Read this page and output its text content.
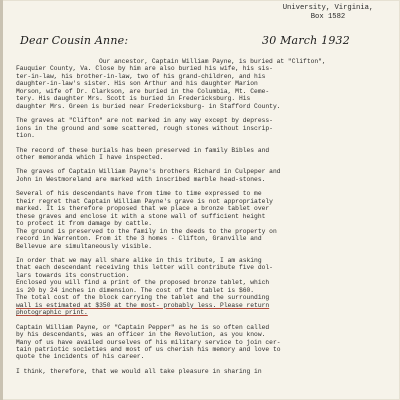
University, Virginia,
Box 1582
Dear Cousin Anne:	30 March 1932
Our ancestor, Captain William Payne, is buried at "Clifton",
Fauquier County, Va. Close by him are also buried his wife, his sis-
ter-in-law, his brother-in-law, two of his grand-children, and his
daughter-in-law's sister. His son Arthur and his daughter Marion
Morson, wife of Dr. Clarkson, are buried in the Columbia, Mt. Ceme-
tery. His daughter Mrs. Scott is buried in Fredericksburg. His
daughter Mrs. Green is buried near Fredericksburg- in Stafford County.
The graves at "Clifton" are not marked in any way except by depress-
ions in the ground and some scattered, rough stones without inscrip-
tion.
The record of these burials has been preserved in family Bibles and
other memoranda which I have inspected.
The graves of Captain William Payne's brothers Richard in Culpeper and
John in Westmoreland are marked with inscribed marble head-stones.
Several of his descendants have from time to time expressed to me
their regret that Captain William Payne's grave is not appropriately
marked. It is therefore proposed that we place a bronze tablet over
these graves and enclose it with a stone wall of sufficient height
to protect it from damage by cattle.
The ground is preserved to the family in the deeds to the property on
record in Warrenton. From it the 3 homes - Clifton, Granville and
Bellevue are simultaneously visible.
In order that we may all share alike in this tribute, I am asking
that each descendant receiving this letter will contribute five dol-
lars towards its construction.
Enclosed you will find a print of the proposed bronze tablet, which
is 20 by 24 inches in dimension. The cost of the tablet is $60.
The total cost of the block carrying the tablet and the surrounding
wall is estimated at $350 at the most- probably less. Please return
photographic print.
Captain William Payne, or "Captain Pepper" as he is so often called
by his descendants, was an officer in the Revolution, as you know.
Many of us have availed ourselves of his military service to join cer-
tain patriotic societies and most of us cherish his memory and love to
quote the incidents of his career.
I think, therefore, that we would all take pleasure in sharing in
